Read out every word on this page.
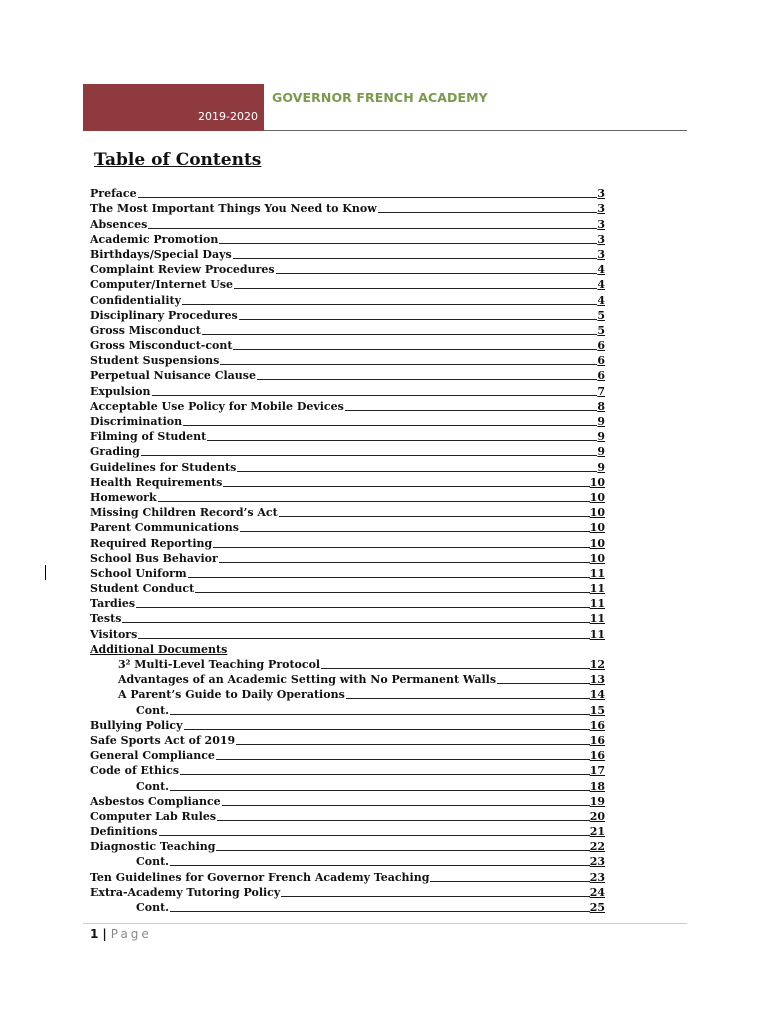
2019-2020
GOVERNOR FRENCH ACADEMY
Table of Contents
Preface	3
The Most Important Things You Need to Know	3
Absences	3
Academic Promotion	3
Birthdays/Special Days	3
Complaint Review Procedures	4
Computer/Internet Use	4
Confidentiality	4
Disciplinary Procedures	5
Gross Misconduct	5
Gross Misconduct-cont	6
Student Suspensions	6
Perpetual Nuisance Clause	6
Expulsion	7
Acceptable Use Policy for Mobile Devices	8
Discrimination	9
Filming of Student	9
Grading	9
Guidelines for Students	9
Health Requirements	10
Homework	10
Missing Children Record’s Act	10
Parent Communications	10
Required Reporting	10
School Bus Behavior	10
School Uniform	11
Student Conduct	11
Tardies	11
Tests	11
Visitors	11
Additional Documents
3² Multi-Level Teaching Protocol	12
Advantages of an Academic Setting with No Permanent Walls	13
A Parent’s Guide to Daily Operations	14
Cont.	15
Bullying Policy	16
Safe Sports Act of 2019	16
General Compliance	16
Code of Ethics	17
Cont.	18
Asbestos Compliance	19
Computer Lab Rules	20
Definitions	21
Diagnostic Teaching	22
Cont.	23
Ten Guidelines for Governor French Academy Teaching	23
Extra-Academy Tutoring Policy	24
Cont.	25
1 | Page
